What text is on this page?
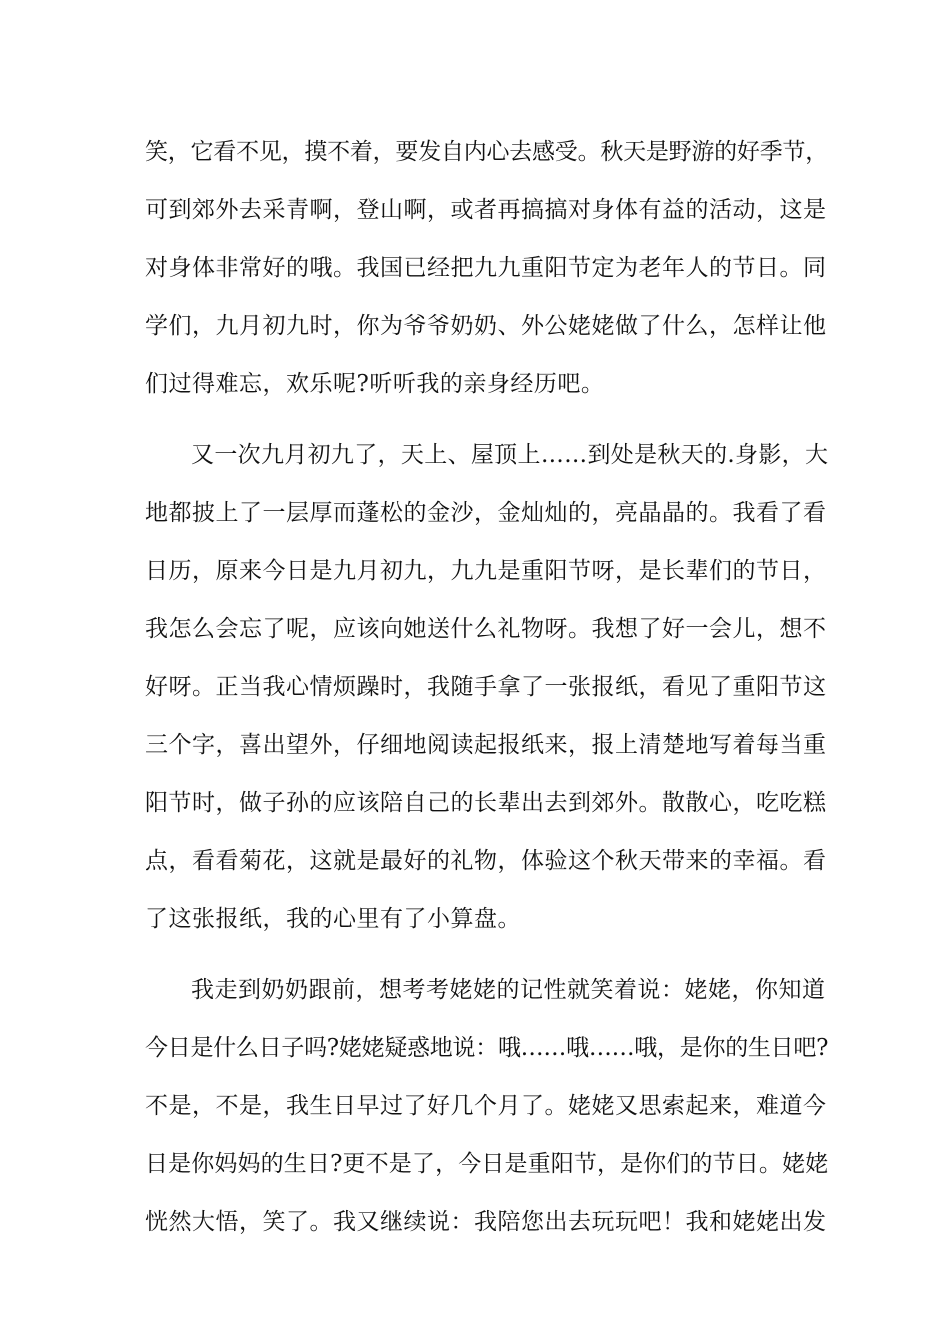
笑，它看不见，摸不着，要发自内心去感受。秋天是野游的好季节，
可到郊外去采青啊，登山啊，或者再搞搞对身体有益的活动，这是
对身体非常好的哦。我国已经把九九重阳节定为老年人的节日。同
学们，九月初九时，你为爷爷奶奶、外公姥姥做了什么，怎样让他
们过得难忘，欢乐呢?听听我的亲身经历吧。
又一次九月初九了，天上、屋顶上……到处是秋天的.身影，大
地都披上了一层厚而蓬松的金沙，金灿灿的，亮晶晶的。我看了看
日历，原来今日是九月初九，九九是重阳节呀，是长辈们的节日，
我怎么会忘了呢，应该向她送什么礼物呀。我想了好一会儿，想不
好呀。正当我心情烦躁时，我随手拿了一张报纸，看见了重阳节这
三个字，喜出望外，仔细地阅读起报纸来，报上清楚地写着每当重
阳节时，做子孙的应该陪自己的长辈出去到郊外。散散心，吃吃糕
点，看看菊花，这就是最好的礼物，体验这个秋天带来的幸福。看
了这张报纸，我的心里有了小算盘。
我走到奶奶跟前，想考考姥姥的记性就笑着说：姥姥，你知道
今日是什么日子吗?姥姥疑惑地说：哦……哦……哦，是你的生日吧?
不是，不是，我生日早过了好几个月了。姥姥又思索起来，难道今
日是你妈妈的生日?更不是了，今日是重阳节，是你们的节日。姥姥
恍然大悟，笑了。我又继续说：我陪您出去玩玩吧！我和姥姥出发
